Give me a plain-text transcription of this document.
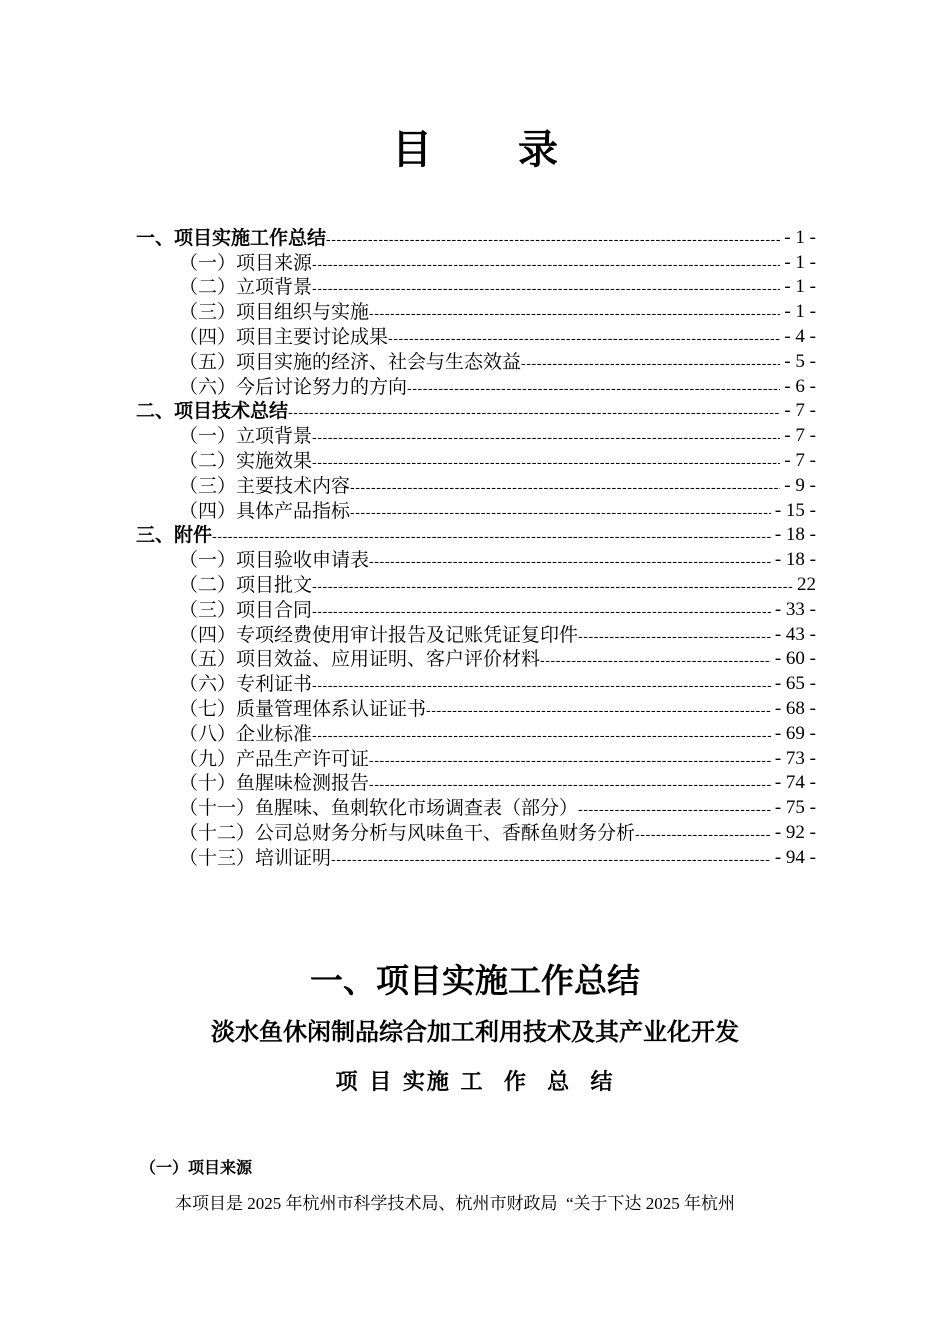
目 录
一、项目实施工作总结 -----	- 1 -
（一）项目来源 -----	- 1 -
（二）立项背景 -----	- 1 -
（三）项目组织与实施 -----	- 1 -
（四）项目主要讨论成果 -----	- 4 -
（五）项目实施的经济、社会与生态效益 -----	- 5 -
（六）今后讨论努力的方向 -----	- 6 -
二、项目技术总结 -----	- 7 -
（一）立项背景 -----	- 7 -
（二）实施效果 -----	- 7 -
（三）主要技术内容 -----	- 9 -
（四）具体产品指标 -----	- 15 -
三、附件 -----	- 18 -
（一）项目验收申请表 -----	- 18 -
（二）项目批文 -----	22
（三）项目合同 -----	- 33 -
（四）专项经费使用审计报告及记账凭证复印件 -----	- 43 -
（五）项目效益、应用证明、客户评价材料 -----	- 60 -
（六）专利证书 -----	- 65 -
（七）质量管理体系认证证书 -----	- 68 -
（八）企业标准 -----	- 69 -
（九）产品生产许可证 -----	- 73 -
（十）鱼腥味检测报告 -----	- 74 -
（十一）鱼腥味、鱼刺软化市场调查表（部分） -----	- 75 -
（十二）公司总财务分析与风味鱼干、香酥鱼财务分析 -----	- 92 -
（十三）培训证明 -----	- 94 -
一、项目实施工作总结
淡水鱼休闲制品综合加工利用技术及其产业化开发
项 目 实施 工  作  总  结
（一）项目来源
本项目是 2025 年杭州市科学技术局、杭州市财政局  “关于下达 2025 年杭州
